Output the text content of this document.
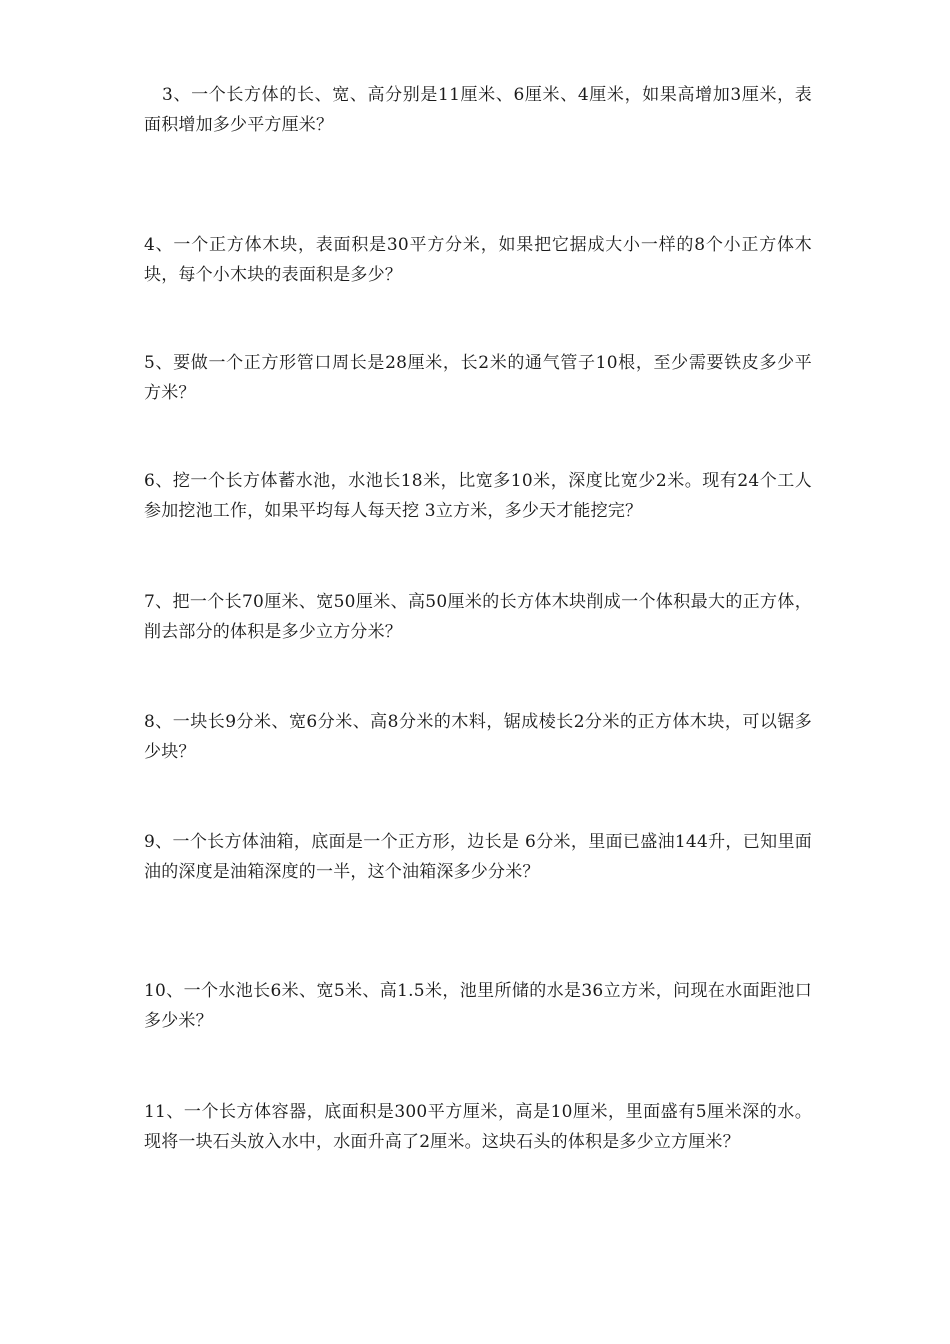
3、一个长方体的长、宽、高分别是11厘米、6厘米、4厘米，如果高增加3厘米，表面积增加多少平方厘米？

4、一个正方体木块，表面积是30平方分米，如果把它据成大小一样的8个小正方体木块，每个小木块的表面积是多少？

5、要做一个正方形管口周长是28厘米，长2米的通气管子10根，至少需要铁皮多少平方米？

6、挖一个长方体蓄水池，水池长18米，比宽多10米，深度比宽少2米。现有24个工人参加挖池工作，如果平均每人每天挖 3立方米，多少天才能挖完？

7、把一个长70厘米、宽50厘米、高50厘米的长方体木块削成一个体积最大的正方体，削去部分的体积是多少立方分米？

8、一块长9分米、宽6分米、高8分米的木料，锯成棱长2分米的正方体木块，可以锯多少块？

9、一个长方体油箱，底面是一个正方形，边长是 6分米，里面已盛油144升，已知里面油的深度是油箱深度的一半，这个油箱深多少分米？

10、一个水池长6米、宽5米、高1.5米，池里所储的水是36立方米，问现在水面距池口多少米？

11、一个长方体容器，底面积是300平方厘米，高是10厘米，里面盛有5厘米深的水。现将一块石头放入水中，水面升高了2厘米。这块石头的体积是多少立方厘米？
